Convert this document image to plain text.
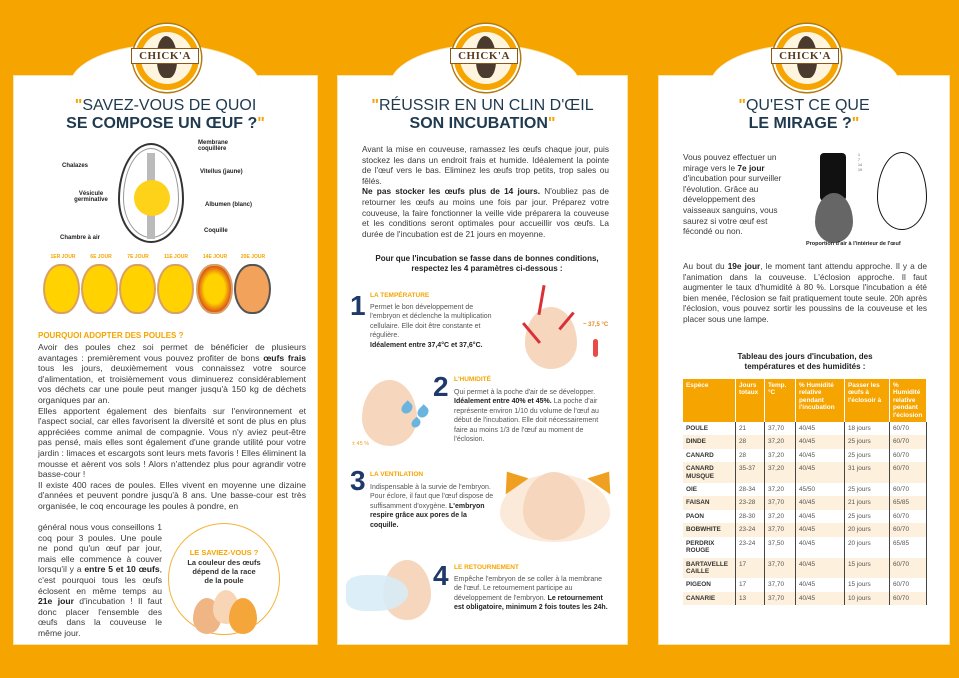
CHICK'A
"SAVEZ-VOUS DE QUOI
SE COMPOSE UN ŒUF ?"
Membrane coquillère
Chalazes
Vitellus (jaune)
Vésicule germinative
Albumen (blanc)
Coquille
Chambre à air
1ER JOUR	6E JOUR	7E JOUR	11E JOUR	14E JOUR	20E JOUR
POURQUOI ADOPTER DES POULES ?
Avoir des poules chez soi permet de bénéficier de plusieurs avantages : premièrement vous pouvez profiter de bons œufs frais tous les jours, deuxièmement vous connaissez votre source d'alimentation, et troisièmement vous diminuerez considérablement vos déchets car une poule peut manger jusqu'à 150 kg de déchets organiques par an.
Elles apportent également des bienfaits sur l'environnement et l'aspect social, car elles favorisent la diversité et sont de plus en plus appréciées comme animal de compagnie. Vous n'y aviez peut-être pas pensé, mais elles sont également d'une grande utilité pour votre jardin : limaces et escargots sont leurs mets favoris ! Elles éliminent la mousse et aèrent vos sols ! Alors n'attendez plus pour agrandir votre basse-cour !
Il existe 400 races de poules. Elles vivent en moyenne une dizaine d'années et peuvent pondre jusqu'à 8 ans. Une basse-cour est très organisée, le coq encourage les poules à pondre, en
général nous vous conseillons 1 coq pour 3 poules. Une poule ne pond qu'un œuf par jour, mais elle commence à couver lorsqu'il y a entre 5 et 10 œufs, c'est pourquoi tous les œufs éclosent en même temps au 21e jour d'incubation ! Il faut donc placer l'ensemble des œufs dans la couveuse le même jour.
LE SAVIEZ-VOUS ?
La couleur des œufs dépend de la race de la poule
CHICK'A
"RÉUSSIR EN UN CLIN D'ŒIL
SON INCUBATION"
Avant la mise en couveuse, ramassez les œufs chaque jour, puis stockez les dans un endroit frais et humide. Idéalement la pointe de l'œuf vers le bas. Eliminez les œufs trop petits, trop sales ou fêlés.
Ne pas stocker les œufs plus de 14 jours. N'oubliez pas de retourner les œufs au moins une fois par jour. Préparez votre couveuse, la faire fonctionner la veille vide préparera la couveuse et les conditions seront optimales pour accueillir vos œufs. La durée de l'incubation est de 21 jours en moyenne.
Pour que l'incubation se fasse dans de bonnes conditions, respectez les 4 paramètres ci-dessous :
1 LA TEMPÉRATURE
Permet le bon développement de l'embryon et déclenche la multiplication cellulaire. Elle doit être constante et régulière.
Idéalement entre 37,4°C et 37,6°C.
~ 37,5 °C
± 45 %
2 L'HUMIDITÉ
Qui permet à la poche d'air de se développer. Idéalement entre 40% et 45%. La poche d'air représente environ 1/10 du volume de l'œuf au début de l'incubation. Elle doit nécessairement faire au moins 1/3 de l'œuf au moment de l'éclosion.
3 LA VENTILATION
Indispensable à la survie de l'embryon. Pour éclore, il faut que l'œuf dispose de suffisamment d'oxygène. L'embryon respire grâce aux pores de la coquille.
4 LE RETOURNEMENT
Empêche l'embryon de se coller à la membrane de l'œuf. Le retournement participe au développement de l'embryon. Le retournement est obligatoire, minimum 2 fois toutes les 24h.
CHICK'A
"QU'EST CE QUE
LE MIRAGE ?"
Vous pouvez effectuer un mirage vers le 7e jour d'incubation pour surveiller l'évolution. Grâce au développement des vaisseaux sanguins, vous saurez si votre œuf est fécondé ou non.
1
7
14
19
Proportion d'air à l'intérieur de l'œuf
Au bout du 19e jour, le moment tant attendu approche. Il y a de l'animation dans la couveuse. L'éclosion approche. Il faut augmenter le taux d'humidité à 80 %. Lorsque l'incubation a été bien menée, l'éclosion se fait pratiquement toute seule. 20h après l'éclosion, vous pouvez sortir les poussins de la couveuse et les placer sous une lampe.
Tableau des jours d'incubation, des températures et des humidités :
Espèce	Jours totaux	Temp. °C	% Humidité relative pendant l'incubation	Passer les œufs à l'éclosoir à	% Humidité relative pendant l'éclosion
POULE	21	37,70	40/45	18 jours	60/70
DINDE	28	37,20	40/45	25 jours	60/70
CANARD	28	37,20	40/45	25 jours	60/70
CANARD MUSQUE	35-37	37,20	40/45	31 jours	60/70
OIE	28-34	37,20	45/50	25 jours	60/70
FAISAN	23-28	37,70	40/45	21 jours	65/85
PAON	28-30	37,20	40/45	25 jours	60/70
BOBWHITE	23-24	37,70	40/45	20 jours	60/70
PERDRIX ROUGE	23-24	37,50	40/45	20 jours	65/85
BARTAVELLE CAILLE	17	37,70	40/45	15 jours	60/70
PIGEON	17	37,70	40/45	15 jours	60/70
CANARIE	13	37,70	40/45	10 jours	60/70
